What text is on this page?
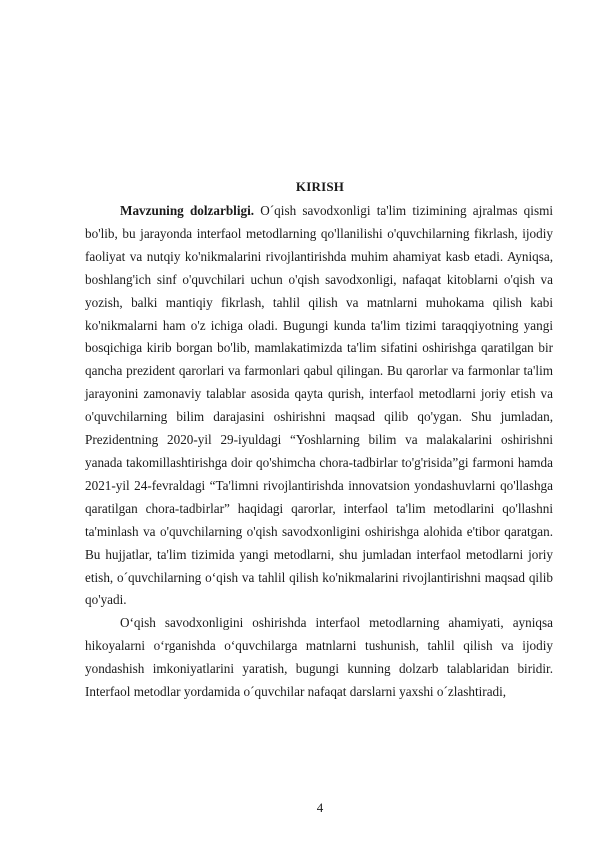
KIRISH

Mavzuning dolzarbligi. O´qish savodxonligi ta'lim tizimining ajralmas qismi bo'lib, bu jarayonda interfaol metodlarning qo'llanilishi o'quvchilarning fikrlash, ijodiy faoliyat va nutqiy ko'nikmalarini rivojlantirishda muhim ahamiyat kasb etadi. Ayniqsa, boshlang'ich sinf o'quvchilari uchun o'qish savodxonligi, nafaqat kitoblarni o'qish va yozish, balki mantiqiy fikrlash, tahlil qilish va matnlarni muhokama qilish kabi ko'nikmalarni ham o'z ichiga oladi. Bugungi kunda ta'lim tizimi taraqqiyotning yangi bosqichiga kirib borgan bo'lib, mamlakatimizda ta'lim sifatini oshirishga qaratilgan bir qancha prezident qarorlari va farmonlari qabul qilingan. Bu qarorlar va farmonlar ta'lim jarayonini zamonaviy talablar asosida qayta qurish, interfaol metodlarni joriy etish va o'quvchilarning bilim darajasini oshirishni maqsad qilib qo'ygan. Shu jumladan, Prezidentning 2020-yil 29-iyuldagi “Yoshlarning bilim va malakalarini oshirishni yanada takomillashtirishga doir qo'shimcha chora-tadbirlar to'g'risida”gi farmoni hamda 2021-yil 24-fevraldagi “Ta'limni rivojlantirishda innovatsion yondashuvlarni qo'llashga qaratilgan chora-tadbirlar” haqidagi qarorlar, interfaol ta'lim metodlarini qo'llashni ta'minlash va o'quvchilarning o'qish savodxonligini oshirishga alohida e'tibor qaratgan. Bu hujjatlar, ta'lim tizimida yangi metodlarni, shu jumladan interfaol metodlarni joriy etish, o´quvchilarning o‘qish va tahlil qilish ko'nikmalarini rivojlantirishni maqsad qilib qo'yadi.

O‘qish savodxonligini oshirishda interfaol metodlarning ahamiyati, ayniqsa hikoyalarni o‘rganishda o‘quvchilarga matnlarni tushunish, tahlil qilish va ijodiy yondashish imkoniyatlarini yaratish, bugungi kunning dolzarb talablaridan biridir. Interfaol metodlar yordamida o´quvchilar nafaqat darslarni yaxshi o´zlashtiradi,

4
